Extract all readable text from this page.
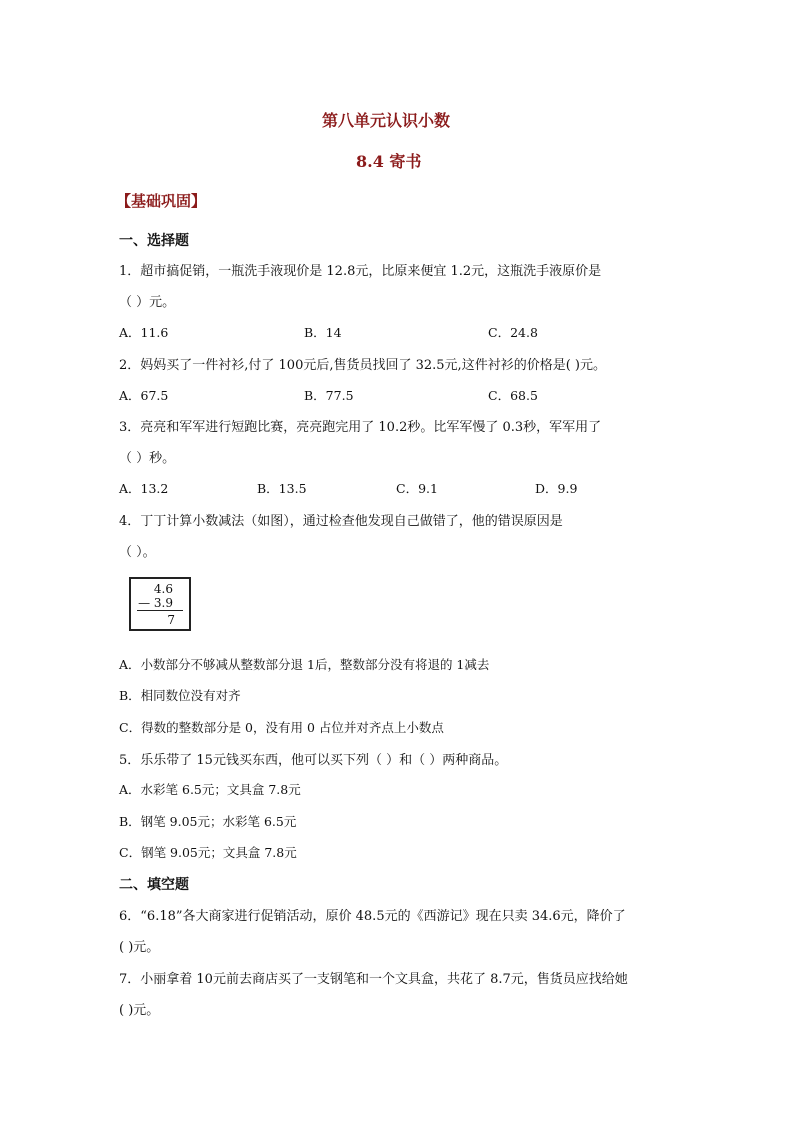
第八单元认识小数
8.4 寄书
【基础巩固】
一、选择题
1．超市搞促销，一瓶洗手液现价是 12.8元，比原来便宜 1.2元，这瓶洗手液原价是
（ ）元。
A．11.6	B．14	C．24.8
2．妈妈买了一件衬衫,付了 100元后,售货员找回了 32.5元,这件衬衫的价格是( )元。
A．67.5	B．77.5	C．68.5
3．亮亮和军军进行短跑比赛，亮亮跑完用了 10.2秒。比军军慢了 0.3秒，军军用了
（ ）秒。
A．13.2	B．13.5	C．9.1	D．9.9
4．丁丁计算小数减法（如图），通过检查他发现自己做错了，他的错误原因是
（ ）。
4.6
— 3.9
7
A．小数部分不够减从整数部分退 1后，整数部分没有将退的 1减去
B．相同数位没有对齐
C．得数的整数部分是 0，没有用 0 占位并对齐点上小数点
5．乐乐带了 15元钱买东西，他可以买下列（ ）和（ ）两种商品。
A．水彩笔 6.5元；文具盒 7.8元
B．钢笔 9.05元；水彩笔 6.5元
C．钢笔 9.05元；文具盒 7.8元
二、填空题
6．“6.18”各大商家进行促销活动，原价 48.5元的《西游记》现在只卖 34.6元，降价了
( )元。
7．小丽拿着 10元前去商店买了一支钢笔和一个文具盒，共花了 8.7元，售货员应找给她
( )元。
